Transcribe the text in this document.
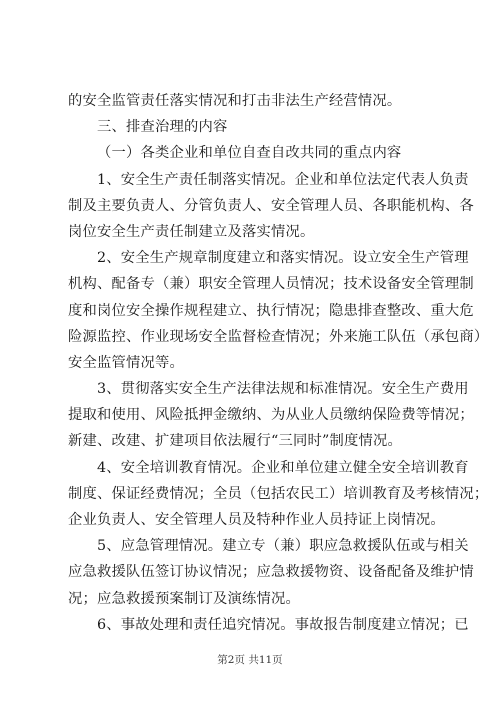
的安全监管责任落实情况和打击非法生产经营情况。
三、排查治理的内容
（一）各类企业和单位自查自改共同的重点内容
1、安全生产责任制落实情况。企业和单位法定代表人负责
制及主要负责人、分管负责人、安全管理人员、各职能机构、各
岗位安全生产责任制建立及落实情况。
2、安全生产规章制度建立和落实情况。设立安全生产管理
机构、配备专（兼）职安全管理人员情况；技术设备安全管理制
度和岗位安全操作规程建立、执行情况；隐患排查整改、重大危
险源监控、作业现场安全监督检查情况；外来施工队伍（承包商）
安全监管情况等。
3、贯彻落实安全生产法律法规和标准情况。安全生产费用
提取和使用、风险抵押金缴纳、为从业人员缴纳保险费等情况；
新建、改建、扩建项目依法履行“三同时”制度情况。
4、安全培训教育情况。企业和单位建立健全安全培训教育
制度、保证经费情况；全员（包括农民工）培训教育及考核情况；
企业负责人、安全管理人员及特种作业人员持证上岗情况。
5、应急管理情况。建立专（兼）职应急救援队伍或与相关
应急救援队伍签订协议情况；应急救援物资、设备配备及维护情
况；应急救援预案制订及演练情况。
6、事故处理和责任追究情况。事故报告制度建立情况；已
第2页 共11页
